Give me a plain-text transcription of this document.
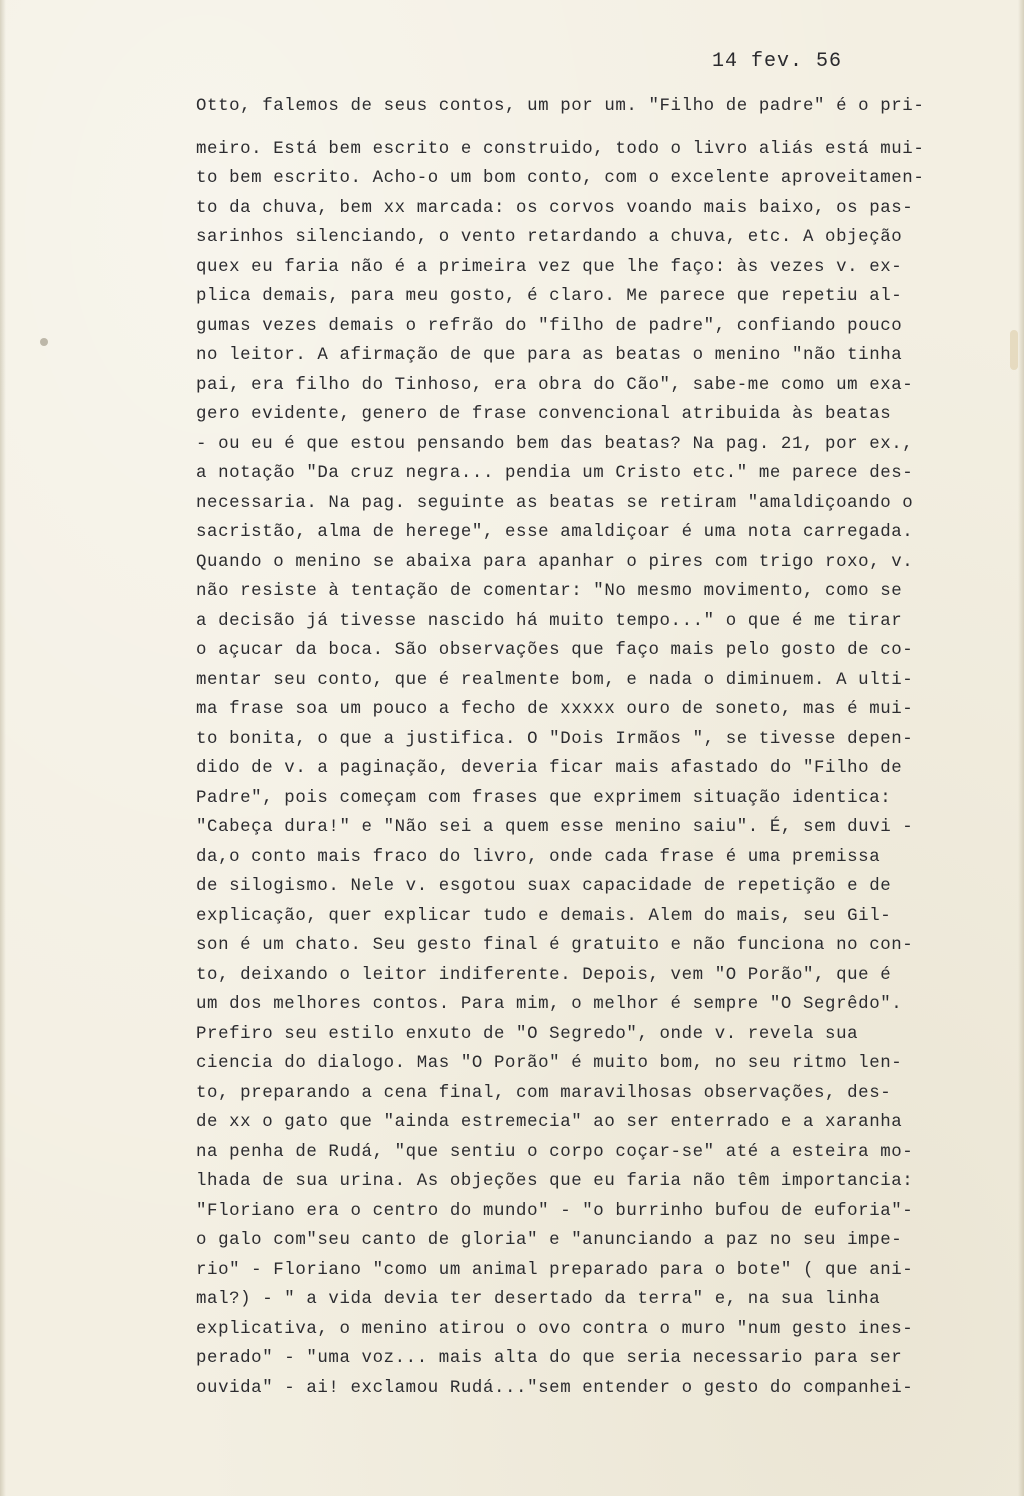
14 fev. 56
Otto, falemos de seus contos, um por um. "Filho de padre" é o pri-
meiro. Está bem escrito e construido, todo o livro aliás está mui-
to bem escrito. Acho-o um bom conto, com o excelente aproveitamen-
to da chuva, bem xx marcada: os corvos voando mais baixo, os pas-
sarinhos silenciando, o vento retardando a chuva, etc. A objeção
quex eu faria não é a primeira vez que lhe faço: às vezes v. ex-
plica demais, para meu gosto, é claro. Me parece que repetiu al-
gumas vezes demais o refrão do "filho de padre", confiando pouco
no leitor. A afirmação de que para as beatas o menino "não tinha
pai, era filho do Tinhoso, era obra do Cão", sabe-me como um exa-
gero evidente, genero de frase convencional atribuida às beatas
- ou eu é que estou pensando bem das beatas? Na pag. 21, por ex.,
a notação "Da cruz negra... pendia um Cristo etc." me parece des-
necessaria. Na pag. seguinte as beatas se retiram "amaldiçoando o
sacristão, alma de herege", esse amaldiçoar é uma nota carregada.
Quando o menino se abaixa para apanhar o pires com trigo roxo, v.
não resiste à tentação de comentar: "No mesmo movimento, como se
a decisão já tivesse nascido há muito tempo..." o que é me tirar
o açucar da boca. São observações que faço mais pelo gosto de co-
mentar seu conto, que é realmente bom, e nada o diminuem. A ulti-
ma frase soa um pouco a fecho de xxxxx ouro de soneto, mas é mui-
to bonita, o que a justifica. O "Dois Irmãos ", se tivesse depen-
dido de v. a paginação, deveria ficar mais afastado do "Filho de
Padre", pois começam com frases que exprimem situação identica:
"Cabeça dura!" e "Não sei a quem esse menino saiu". É, sem duvi -
da,o conto mais fraco do livro, onde cada frase é uma premissa
de silogismo. Nele v. esgotou suax capacidade de repetição e de
explicação, quer explicar tudo e demais. Alem do mais, seu Gil-
son é um chato. Seu gesto final é gratuito e não funciona no con-
to, deixando o leitor indiferente. Depois, vem "O Porão", que é
um dos melhores contos. Para mim, o melhor é sempre "O Segrêdo".
Prefiro seu estilo enxuto de "O Segredo", onde v. revela sua
ciencia do dialogo. Mas "O Porão" é muito bom, no seu ritmo len-
to, preparando a cena final, com maravilhosas observações, des-
de xx o gato que "ainda estremecia" ao ser enterrado e a xaranha
na penha de Rudá, "que sentiu o corpo coçar-se" até a esteira mo-
lhada de sua urina. As objeções que eu faria não têm importancia:
"Floriano era o centro do mundo" - "o burrinho bufou de euforia"-
o galo com"seu canto de gloria" e "anunciando a paz no seu impe-
rio" - Floriano "como um animal preparado para o bote" ( que ani-
mal?) - " a vida devia ter desertado da terra" e, na sua linha
explicativa, o menino atirou o ovo contra o muro "num gesto ines-
perado" - "uma voz... mais alta do que seria necessario para ser
ouvida" - ai! exclamou Rudá..."sem entender o gesto do companhei-
